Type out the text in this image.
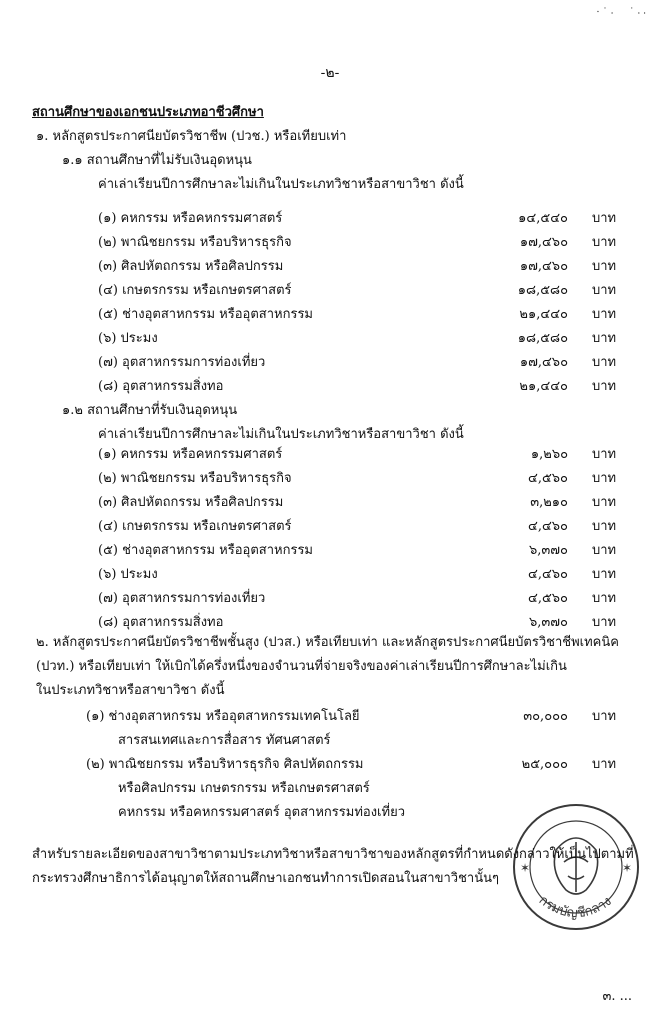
⸱ ˙ ⸳     ˙ ⸳ ⸳
-๒-
สถานศึกษาของเอกชนประเภทอาชีวศึกษา
๑. หลักสูตรประกาศนียบัตรวิชาชีพ (ปวช.) หรือเทียบเท่า
๑.๑ สถานศึกษาที่ไม่รับเงินอุดหนุน
ค่าเล่าเรียนปีการศึกษาละไม่เกินในประเภทวิชาหรือสาขาวิชา ดังนี้
(๑) คหกรรม หรือคหกรรมศาสตร์	๑๔,๕๔๐ บาท
(๒) พาณิชยกรรม หรือบริหารธุรกิจ	๑๗,๔๖๐ บาท
(๓) ศิลปหัตถกรรม หรือศิลปกรรม	๑๗,๔๖๐ บาท
(๔) เกษตรกรรม หรือเกษตรศาสตร์	๑๘,๕๘๐ บาท
(๕) ช่างอุตสาหกรรม หรืออุตสาหกรรม	๒๑,๔๔๐ บาท
(๖) ประมง	๑๘,๕๘๐ บาท
(๗) อุตสาหกรรมการท่องเที่ยว	๑๗,๔๖๐ บาท
(๘) อุตสาหกรรมสิ่งทอ	๒๑,๔๔๐ บาท
๑.๒ สถานศึกษาที่รับเงินอุดหนุน
ค่าเล่าเรียนปีการศึกษาละไม่เกินในประเภทวิชาหรือสาขาวิชา ดังนี้
(๑) คหกรรม หรือคหกรรมศาสตร์	๑,๒๖๐ บาท
(๒) พาณิชยกรรม หรือบริหารธุรกิจ	๔,๕๖๐ บาท
(๓) ศิลปหัตถกรรม หรือศิลปกรรม	๓,๒๑๐ บาท
(๔) เกษตรกรรม หรือเกษตรศาสตร์	๔,๔๖๐ บาท
(๕) ช่างอุตสาหกรรม หรืออุตสาหกรรม	๖,๓๗๐ บาท
(๖) ประมง	๔,๔๖๐ บาท
(๗) อุตสาหกรรมการท่องเที่ยว	๔,๕๖๐ บาท
(๘) อุตสาหกรรมสิ่งทอ	๖,๓๗๐ บาท
๒. หลักสูตรประกาศนียบัตรวิชาชีพชั้นสูง (ปวส.) หรือเทียบเท่า และหลักสูตรประกาศนียบัตรวิชาชีพเทคนิค
(ปวท.) หรือเทียบเท่า ให้เบิกได้ครึ่งหนึ่งของจำนวนที่จ่ายจริงของค่าเล่าเรียนปีการศึกษาละไม่เกิน
ในประเภทวิชาหรือสาขาวิชา ดังนี้
(๑) ช่างอุตสาหกรรม หรืออุตสาหกรรมเทคโนโลยี	๓๐,๐๐๐ บาท
สารสนเทศและการสื่อสาร ทัศนศาสตร์
(๒) พาณิชยกรรม หรือบริหารธุรกิจ ศิลปหัตถกรรม	๒๕,๐๐๐ บาท
หรือศิลปกรรม เกษตรกรรม หรือเกษตรศาสตร์
คหกรรม หรือคหกรรมศาสตร์ อุตสาหกรรมท่องเที่ยว
✶	✶
กรมบัญชีกลาง
สำหรับรายละเอียดของสาขาวิชาตามประเภทวิชาหรือสาขาวิชาของหลักสูตรที่กำหนดดังกล่าวให้เป็นไปตามที่
กระทรวงศึกษาธิการได้อนุญาตให้สถานศึกษาเอกชนทำการเปิดสอนในสาขาวิชานั้นๆ
๓. ...
